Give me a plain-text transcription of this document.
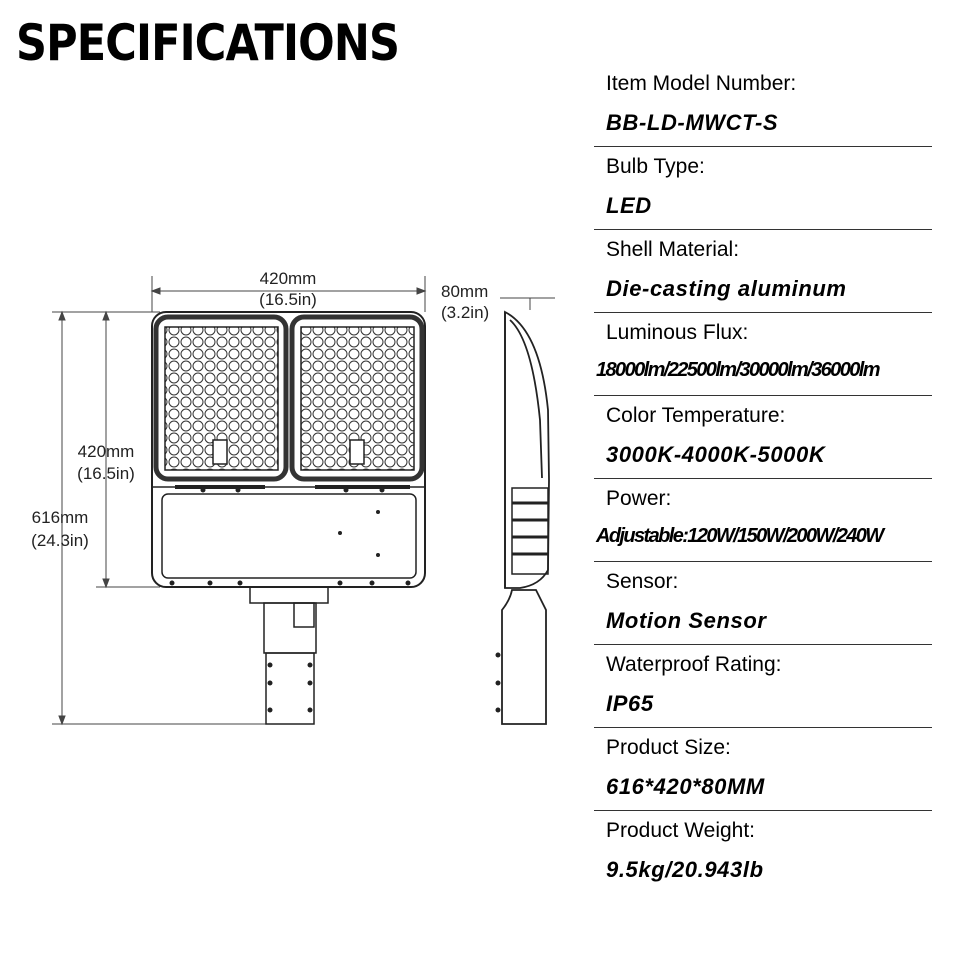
SPECIFICATIONS
420mm
(16.5in)	80mm
(3.2in)
420mm
(16.5in)
616mm
(24.3in)
Item Model Number:
BB-LD-MWCT-S
Bulb Type:
LED
Shell Material:
Die-casting aluminum
Luminous Flux:
18000lm/22500lm/30000lm/36000lm
Color Temperature:
3000K-4000K-5000K
Power:
Adjustable:120W/150W/200W/240W
Sensor:
Motion Sensor
Waterproof Rating:
IP65
Product Size:
616*420*80MM
Product Weight:
9.5kg/20.943lb
